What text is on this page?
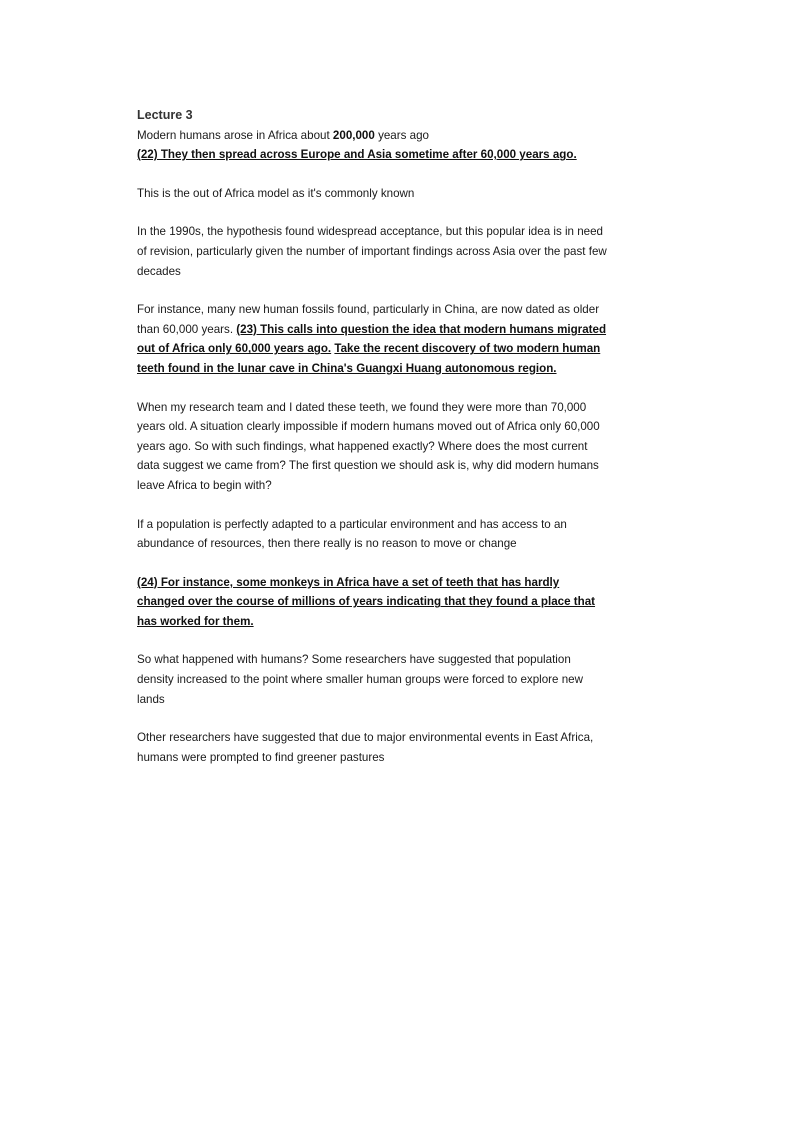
Lecture 3

Modern humans arose in Africa about 200,000 years ago
(22) They then spread across Europe and Asia sometime after 60,000 years ago.

This is the out of Africa model as it's commonly known

In the 1990s, the hypothesis found widespread acceptance, but this popular idea is in need of revision, particularly given the number of important findings across Asia over the past few decades

For instance, many new human fossils found, particularly in China, are now dated as older than 60,000 years. (23) This calls into question the idea that modern humans migrated out of Africa only 60,000 years ago. Take the recent discovery of two modern human teeth found in the lunar cave in China's Guangxi Huang autonomous region.

When my research team and I dated these teeth, we found they were more than 70,000 years old. A situation clearly impossible if modern humans moved out of Africa only 60,000 years ago. So with such findings, what happened exactly? Where does the most current data suggest we came from? The first question we should ask is, why did modern humans leave Africa to begin with?

If a population is perfectly adapted to a particular environment and has access to an abundance of resources, then there really is no reason to move or change

(24) For instance, some monkeys in Africa have a set of teeth that has hardly changed over the course of millions of years indicating that they found a place that has worked for them.

So what happened with humans? Some researchers have suggested that population density increased to the point where smaller human groups were forced to explore new lands

Other researchers have suggested that due to major environmental events in East Africa, humans were prompted to find greener pastures
